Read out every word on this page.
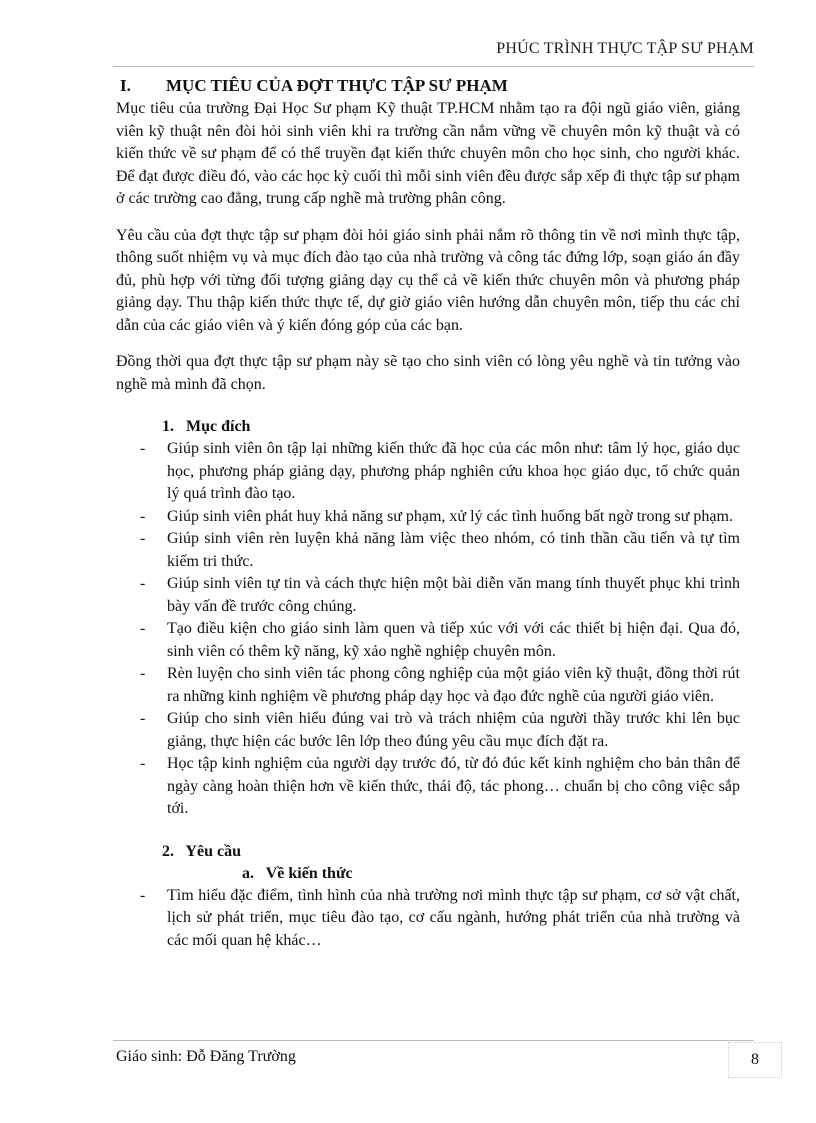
PHÚC TRÌNH THỰC TẬP SƯ PHẠM
I.	MỤC TIÊU CỦA ĐỢT THỰC TẬP SƯ PHẠM

Mục tiêu của trường Đại Học Sư phạm Kỹ thuật TP.HCM nhằm tạo ra đội ngũ giáo viên, giảng viên kỹ thuật nên đòi hỏi sinh viên khi ra trường cần nắm vững về chuyên môn kỹ thuật và có kiến thức về sư phạm để có thể truyền đạt kiến thức chuyên môn cho học sinh, cho người khác. Để đạt được điều đó, vào các học kỳ cuối thì mỗi sinh viên đều được sắp xếp đi thực tập sư phạm ở các trường cao đẳng, trung cấp nghề mà trường phân công.

Yêu cầu của đợt thực tập sư phạm đòi hỏi giáo sinh phải nắm rõ thông tin về nơi mình thực tập, thông suốt nhiệm vụ và mục đích đào tạo của nhà trường và công tác đứng lớp, soạn giáo án đầy đủ, phù hợp với từng đối tượng giảng dạy cụ thể cả về kiến thức chuyên môn và phương pháp giảng dạy. Thu thập kiến thức thực tế, dự giờ giáo viên hướng dẫn chuyên môn, tiếp thu các chỉ dẫn của các giáo viên và ý kiến đóng góp của các bạn.

Đồng thời qua đợt thực tập sư phạm này sẽ tạo cho sinh viên có lòng yêu nghề và tin tưởng vào nghề mà mình đã chọn.

1. Mục đích
- Giúp sinh viên ôn tập lại những kiến thức đã học của các môn như: tâm lý học, giáo dục học, phương pháp giảng dạy, phương pháp nghiên cứu khoa học giáo dục, tổ chức quản lý quá trình đào tạo.
- Giúp sinh viên phát huy khả năng sư phạm, xử lý các tình huống bất ngờ trong sư phạm.
- Giúp sinh viên rèn luyện khả năng làm việc theo nhóm, có tinh thần cầu tiến và tự tìm kiếm tri thức.
- Giúp sinh viên tự tin và cách thực hiện một bài diễn văn mang tính thuyết phục khi trình bày vấn đề trước công chúng.
- Tạo điều kiện cho giáo sinh làm quen và tiếp xúc với với các thiết bị hiện đại. Qua đó, sinh viên có thêm kỹ năng, kỹ xảo nghề nghiệp chuyên môn.
- Rèn luyện cho sinh viên tác phong công nghiệp của một giáo viên kỹ thuật, đồng thời rút ra những kinh nghiệm về phương pháp dạy học và đạo đức nghề của người giáo viên.
- Giúp cho sinh viên hiểu đúng vai trò và trách nhiệm của người thầy trước khi lên bục giảng, thực hiện các bước lên lớp theo đúng yêu cầu mục đích đặt ra.
- Học tập kinh nghiệm của người dạy trước đó, từ đó đúc kết kinh nghiệm cho bản thân để ngày càng hoàn thiện hơn về kiến thức, thái độ, tác phong… chuẩn bị cho công việc sắp tới.
2. Yêu cầu
a. Về kiến thức
- Tìm hiểu đặc điểm, tình hình của nhà trường nơi mình thực tập sư phạm, cơ sở vật chất, lịch sử phát triển, mục tiêu đào tạo, cơ cấu ngành, hướng phát triển của nhà trường và các mối quan hệ khác…
Giáo sinh: Đỗ Đăng Trường	8
